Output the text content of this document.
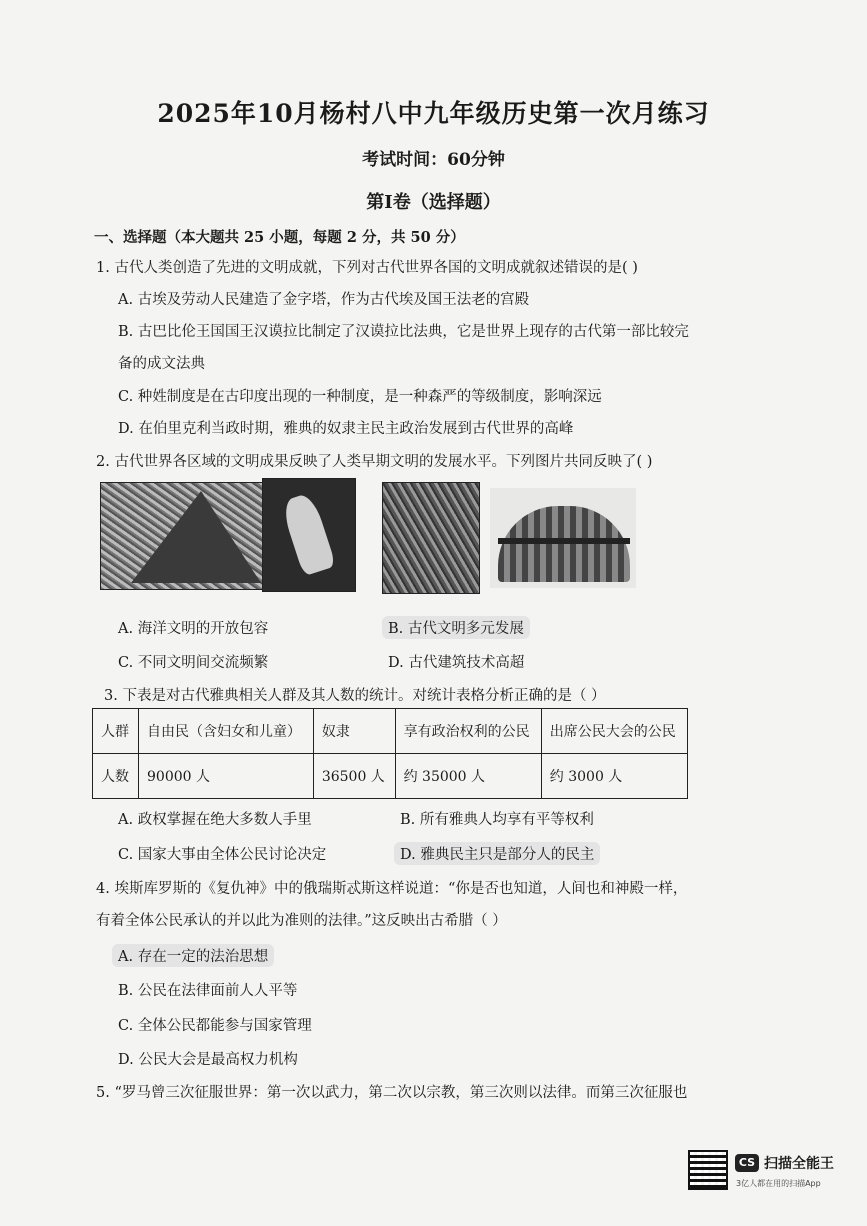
2025年10月杨村八中九年级历史第一次月练习
考试时间：60分钟
第Ⅰ卷（选择题）
一、选择题（本大题共 25 小题，每题 2 分，共 50 分）
1. 古代人类创造了先进的文明成就，下列对古代世界各国的文明成就叙述错误的是( )
A. 古埃及劳动人民建造了金字塔，作为古代埃及国王法老的宫殿
B. 古巴比伦王国国王汉谟拉比制定了汉谟拉比法典，它是世界上现存的古代第一部比较完
备的成文法典
C. 种姓制度是在古印度出现的一种制度，是一种森严的等级制度，影响深远
D. 在伯里克利当政时期，雅典的奴隶主民主政治发展到古代世界的高峰
2. 古代世界各区域的文明成果反映了人类早期文明的发展水平。下列图片共同反映了( )
A. 海洋文明的开放包容	B. 古代文明多元发展
C. 不同文明间交流频繁	D. 古代建筑技术高超
3. 下表是对古代雅典相关人群及其人数的统计。对统计表格分析正确的是（ ）
人群	自由民（含妇女和儿童）	奴隶	享有政治权利的公民	出席公民大会的公民
人数	90000 人	36500 人	约 35000 人	约 3000 人
A. 政权掌握在绝大多数人手里	B. 所有雅典人均享有平等权利
C. 国家大事由全体公民讨论决定	D. 雅典民主只是部分人的民主
4. 埃斯库罗斯的《复仇神》中的俄瑞斯忒斯这样说道：“你是否也知道，人间也和神殿一样，
有着全体公民承认的并以此为准则的法律。”这反映出古希腊（ ）
A. 存在一定的法治思想
B. 公民在法律面前人人平等
C. 全体公民都能参与国家管理
D. 公民大会是最高权力机构
5. “罗马曾三次征服世界：第一次以武力，第二次以宗教，第三次则以法律。而第三次征服也
CS 扫描全能王
3亿人都在用的扫描App
